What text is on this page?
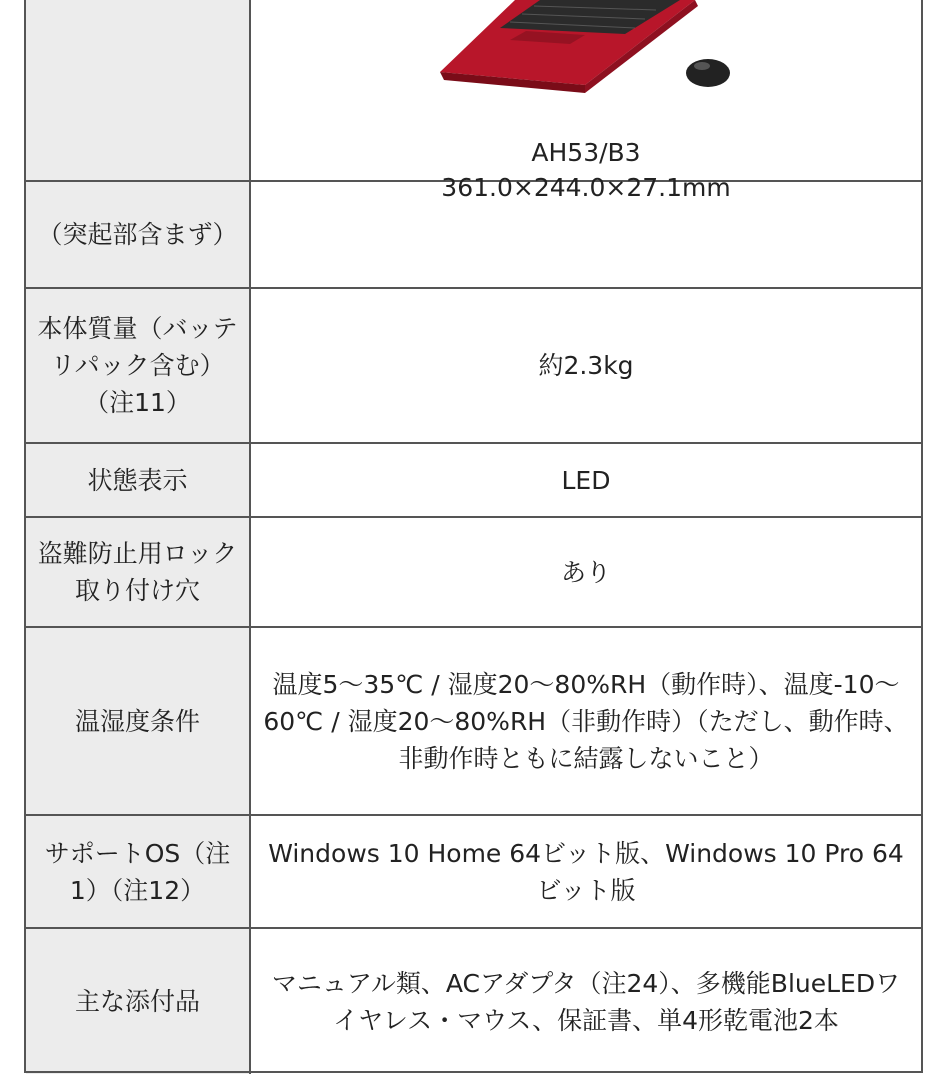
AH53/B3
（突起部含まず）
361.0×244.0×27.1mm
本体質量（バッテリパック含む）（注11）
約2.3kg
状態表示	LED
盗難防止用ロック取り付け穴
あり
温湿度条件
温度5〜35℃ / 湿度20〜80%RH（動作時）、温度-10〜60℃ / 湿度20〜80%RH（非動作時）（ただし、動作時、非動作時ともに結露しないこと）
サポートOS（注1）（注12）
Windows 10 Home 64ビット版、Windows 10 Pro 64ビット版
主な添付品
マニュアル類、ACアダプタ（注24）、多機能BlueLEDワイヤレス・マウス、保証書、単4形乾電池2本
